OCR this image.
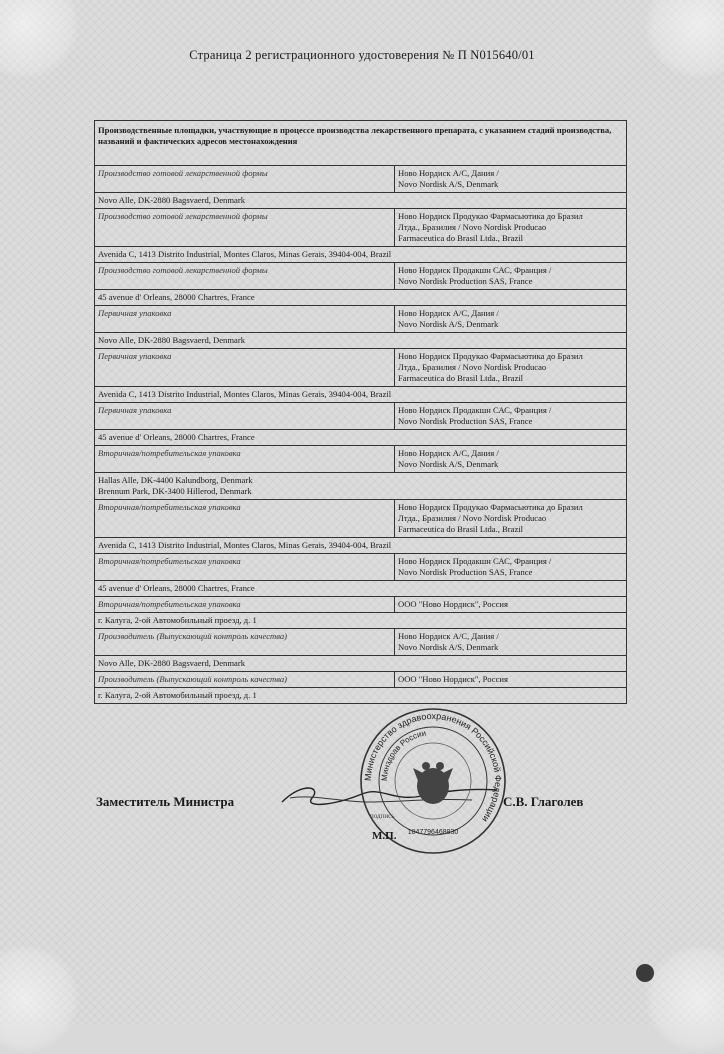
Страница 2 регистрационного удостоверения № П N015640/01
Производственные площадки, участвующие в процессе производства лекарственного препарата, с указанием стадий производства, названий и фактических адресов местонахождения	
Производство готовой лекарственной формы	Ново Нордиск А/С, Дания /
Novo Nordisk A/S, Denmark

Novo Alle, DK-2880 Bagsvaerd, Denmark	

Производство готовой лекарственной формы	Ново Нордиск Продукао Фармасьютика до Бразил
Лтда., Бразилия / Novo Nordisk Producao
Farmaceutica do Brasil Ltda., Brazil

Avenida C, 1413 Distrito Industrial, Montes Claros, Minas Gerais, 39404-004, Brazil	

Производство готовой лекарственной формы	Ново Нордиск Продакшн САС, Франция /
Novo Nordisk Production SAS, France

45 avenue d' Orleans, 28000 Chartres, France	

Первичная упаковка	Ново Нордиск А/С, Дания /
Novo Nordisk A/S, Denmark

Novo Alle, DK-2880 Bagsvaerd, Denmark	

Первичная упаковка	Ново Нордиск Продукао Фармасьютика до Бразил
Лтда., Бразилия / Novo Nordisk Producao
Farmaceutica do Brasil Ltda., Brazil

Avenida C, 1413 Distrito Industrial, Montes Claros, Minas Gerais, 39404-004, Brazil	

Первичная упаковка	Ново Нордиск Продакшн САС, Франция /
Novo Nordisk Production SAS, France

45 avenue d' Orleans, 28000 Chartres, France	

Вторичная/потребительская упаковка	Ново Нордиск А/С, Дания /
Novo Nordisk A/S, Denmark

Hallas Alle, DK-4400 Kalundborg, Denmark
Brennum Park, DK-3400 Hillerod, Denmark	

Вторичная/потребительская упаковка	Ново Нордиск Продукао Фармасьютика до Бразил
Лтда., Бразилия / Novo Nordisk Producao
Farmaceutica do Brasil Ltda., Brazil

Avenida C, 1413 Distrito Industrial, Montes Claros, Minas Gerais, 39404-004, Brazil	

Вторичная/потребительская упаковка	Ново Нордиск Продакшн САС, Франция /
Novo Nordisk Production SAS, France

45 avenue d' Orleans, 28000 Chartres, France	

Вторичная/потребительская упаковка	ООО "Ново Нордиск", Россия

г. Калуга, 2-ой Автомобильный проезд, д. 1	

Производитель (Выпускающий контроль качества)	Ново Нордиск А/С, Дания /
Novo Nordisk A/S, Denmark

Novo Alle, DK-2880 Bagsvaerd, Denmark	

Производитель (Выпускающий контроль качества)	ООО "Ново Нордиск", Россия

г. Калуга, 2-ой Автомобильный проезд, д. 1	
Министерство здравоохранения Российской Федерации
Минздрав России
1047796468830
подпись
Заместитель Министра	С.В. Глаголев
М.П.
